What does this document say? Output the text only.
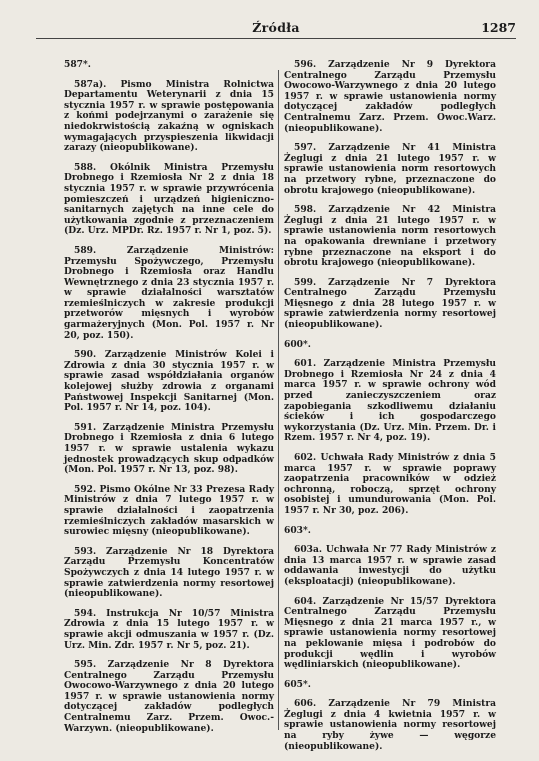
Źródła	1287

587*.

587a). Pismo Ministra Rolnictwa Departamentu Weterynarii z dnia 15 stycznia 1957 r. w sprawie postępowania z końmi podejrzanymi o zarażenie się niedokrwistością zakaźną w ogniskach wymagających przyspieszenia likwidacji zarazy (nieopublikowane).

588. Okólnik Ministra Przemysłu Drobnego i Rzemiosła Nr 2 z dnia 18 stycznia 1957 r. w sprawie przywrócenia pomieszczeń i urządzeń higieniczno-sanitarnych zajętych na inne cele do użytkowania zgodnie z przeznaczeniem (Dz. Urz. MPDr. Rz. 1957 r. Nr 1, poz. 5).

589.	Zarządzenie Ministrów: Przemysłu Spożywczego, Przemysłu Drobnego i Rzemiosła oraz Handlu Wewnętrznego z dnia 23 stycznia 1957 r. w sprawie działalności warsztatów rzemieślniczych w zakresie produkcji przetworów mięsnych i wyrobów garmażeryjnych (Mon. Pol. 1957 r. Nr 20, poz. 150).

590. Zarządzenie Ministrów Kolei i Zdrowia z dnia 30 stycznia 1957 r. w sprawie zasad współdziałania organów kolejowej służby zdrowia z organami Państwowej Inspekcji Sanitarnej (Mon. Pol. 1957 r. Nr 14, poz. 104).

591. Zarządzenie Ministra Przemysłu Drobnego i Rzemiosła z dnia 6 lutego 1957 r. w sprawie ustalenia wykazu jednostek prowadzących skup odpadków (Mon. Pol. 1957 r. Nr 13, poz. 98).

592. Pismo Okólne Nr 33 Prezesa Rady Ministrów z dnia 7 lutego 1957 r. w sprawie działalności i zaopatrzenia rzemieślniczych zakładów masarskich w surowiec mięsny (nieopublikowane).

593. Zarządzenie Nr 18 Dyrektora Zarządu Przemysłu Koncentratów Spożywczych z dnia 14 lutego 1957 r. w sprawie zatwierdzenia normy resortowej (nieopublikowane).

594. Instrukcja Nr 10/57 Ministra Zdrowia z dnia 15 lutego 1957 r. w sprawie akcji odmuszania w 1957 r. (Dz. Urz. Min. Zdr. 1957 r. Nr 5, poz. 21).

595. Zarządzenie Nr 8 Dyrektora Centralnego Zarządu Przemysłu Owocowo-Warzywnego z dnia 20 lutego 1957 r. w sprawie ustanowienia normy dotyczącej zakładów podległych Centralnemu Zarz. Przem. Owoc.-Warzywn. (nieopublikowane).

596. Zarządzenie Nr 9 Dyrektora Centralnego Zarządu Przemysłu Owocowo-Warzywnego z dnia 20 lutego 1957 r. w sprawie ustanowienia normy dotyczącej zakładów podległych Centralnemu Zarz. Przem. Owoc.Warz. (nieopublikowane).

597. Zarządzenie Nr 41 Ministra Żeglugi z dnia 21 lutego 1957 r. w sprawie ustanowienia norm resortowych na przetwory rybne, przeznaczone do obrotu krajowego (nieopublikowane).

598. Zarządzenie Nr 42 Ministra Żeglugi z dnia 21 lutego 1957 r. w sprawie ustanowienia norm resortowych na opakowania drewniane i przetwory rybne przeznaczone na eksport i do obrotu krajowego (nieopublikowane).

599. Zarządzenie Nr 7 Dyrektora Centralnego Zarządu Przemysłu Mięsnego z dnia 28 lutego 1957 r. w sprawie zatwierdzenia normy resortowej (nieopublikowane).

600*.

601. Zarządzenie Ministra Przemysłu Drobnego i Rzemiosła Nr 24 z dnia 4 marca 1957 r. w sprawie ochrony wód przed zanieczyszczeniem oraz zapobiegania szkodliwemu działaniu ścieków i ich gospodarczego wykorzystania (Dz. Urz. Min. Przem. Dr. i Rzem. 1957 r. Nr 4, poz. 19).

602. Uchwała Rady Ministrów z dnia 5 marca 1957 r. w sprawie poprawy zaopatrzenia pracowników w odzież ochronną, roboczą, sprzęt ochrony osobistej i umundurowania (Mon. Pol. 1957 r. Nr 30, poz. 206).

603*.

603a. Uchwała Nr 77 Rady Ministrów z dnia 13 marca 1957 r. w sprawie zasad oddawania inwestycji do użytku (eksploatacji) (nieopublikowane).

604. Zarządzenie Nr 15/57 Dyrektora Centralnego Zarządu Przemysłu Mięsnego z dnia 21 marca 1957 r., w sprawie ustanowienia normy resortowej na peklowanie mięsa i podrobów do produkcji wędlin i wyrobów wędliniarskich (nieopublikowane).

605*.

606. Zarządzenie Nr 79 Ministra Żeglugi z dnia 4 kwietnia 1957 r. w sprawie ustanowienia normy resortowej na ryby żywe — węgorze (nieopublikowane).
